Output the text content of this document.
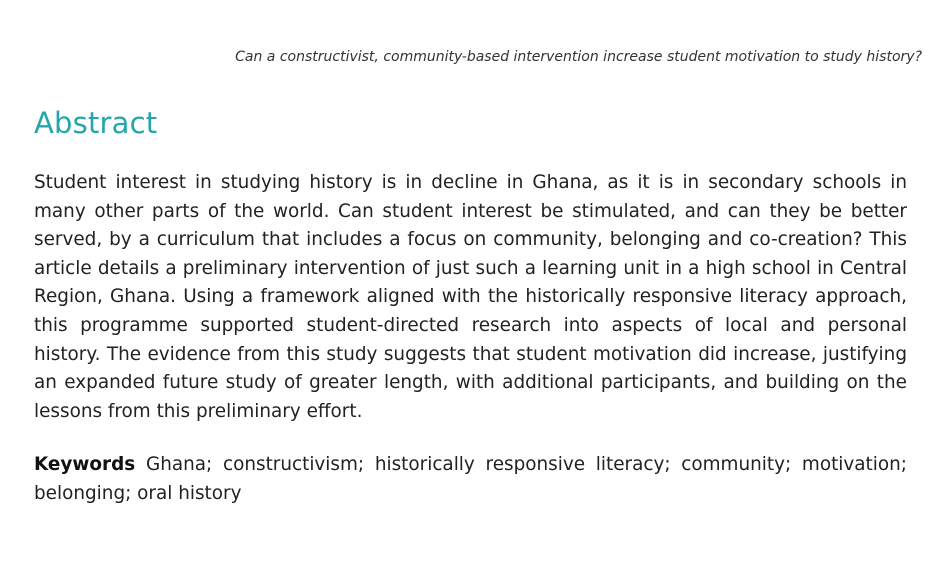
Can a constructivist, community-based intervention increase student motivation to study history?
Abstract

Student interest in studying history is in decline in Ghana, as it is in secondary schools in many other parts of the world. Can student interest be stimulated, and can they be better served, by a curriculum that includes a focus on community, belonging and co-creation? This article details a preliminary intervention of just such a learning unit in a high school in Central Region, Ghana. Using a framework aligned with the historically responsive literacy approach, this programme supported student-directed research into aspects of local and personal history. The evidence from this study suggests that student motivation did increase, justifying an expanded future study of greater length, with additional participants, and building on the lessons from this preliminary effort.

Keywords Ghana; constructivism; historically responsive literacy; community; motivation; belonging; oral history
